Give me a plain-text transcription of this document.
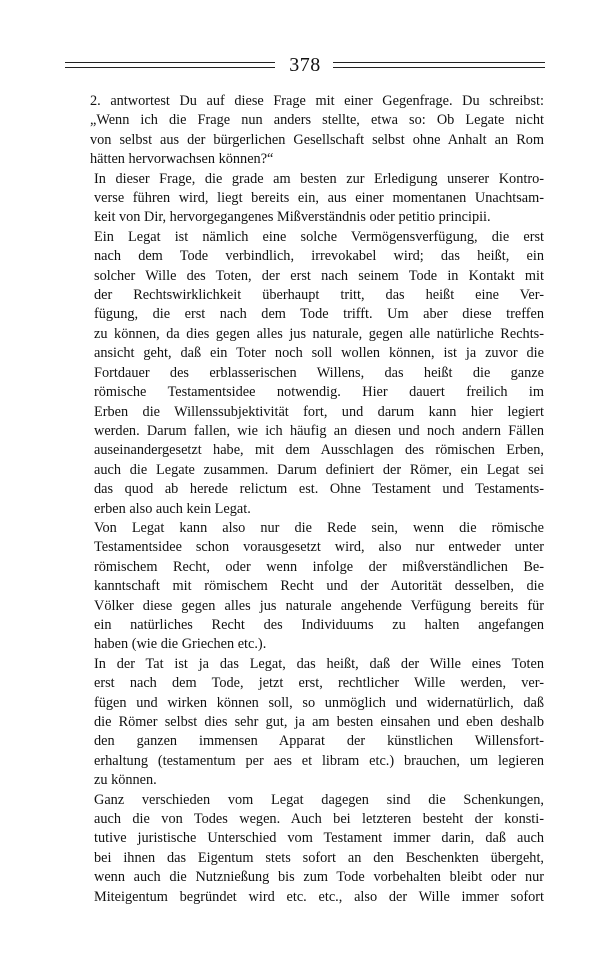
378

2. antwortest Du auf diese Frage mit einer Gegenfrage. Du schreibst:
„Wenn ich die Frage nun anders stellte, etwa so: Ob Legate nicht
von selbst aus der bürgerlichen Gesellschaft selbst ohne Anhalt an Rom
hätten hervorwachsen können?“

In dieser Frage, die grade am besten zur Erledigung unserer Kontro-
verse führen wird, liegt bereits ein, aus einer momentanen Unachtsam-
keit von Dir, hervorgegangenes Mißverständnis oder petitio principii.

Ein Legat ist nämlich eine solche Vermögensverfügung, die erst
nach dem Tode verbindlich, irrevokabel wird; das heißt, ein
solcher Wille des Toten, der erst nach seinem Tode in Kontakt mit
der Rechtswirklichkeit überhaupt tritt, das heißt eine Ver-
fügung, die erst nach dem Tode trifft. Um aber diese treffen
zu können, da dies gegen alles jus naturale, gegen alle natürliche Rechts-
ansicht geht, daß ein Toter noch soll wollen können, ist ja zuvor die
Fortdauer des erblasserischen Willens, das heißt die ganze
römische Testamentsidee notwendig. Hier dauert freilich im
Erben die Willenssubjektivität fort, und darum kann hier legiert
werden. Darum fallen, wie ich häufig an diesen und noch andern Fällen
auseinandergesetzt habe, mit dem Ausschlagen des römischen Erben,
auch die Legate zusammen. Darum definiert der Römer, ein Legat sei
das quod ab herede relictum est. Ohne Testament und Testaments-
erben also auch kein Legat.

Von Legat kann also nur die Rede sein, wenn die römische
Testamentsidee schon vorausgesetzt wird, also nur entweder unter
römischem Recht, oder wenn infolge der mißverständlichen Be-
kanntschaft mit römischem Recht und der Autorität desselben, die
Völker diese gegen alles jus naturale angehende Verfügung bereits für
ein natürliches Recht des Individuums zu halten angefangen
haben (wie die Griechen etc.).

In der Tat ist ja das Legat, das heißt, daß der Wille eines Toten
erst nach dem Tode, jetzt erst, rechtlicher Wille werden, ver-
fügen und wirken können soll, so unmöglich und widernatürlich, daß
die Römer selbst dies sehr gut, ja am besten einsahen und eben deshalb
den ganzen immensen Apparat der künstlichen Willensfort-
erhaltung (testamentum per aes et libram etc.) brauchen, um legieren
zu können.

Ganz verschieden vom Legat dagegen sind die Schenkungen,
auch die von Todes wegen. Auch bei letzteren besteht der konsti-
tutive juristische Unterschied vom Testament immer darin, daß auch
bei ihnen das Eigentum stets sofort an den Beschenkten übergeht,
wenn auch die Nutznießung bis zum Tode vorbehalten bleibt oder nur
Miteigentum begründet wird etc. etc., also der Wille immer sofort
